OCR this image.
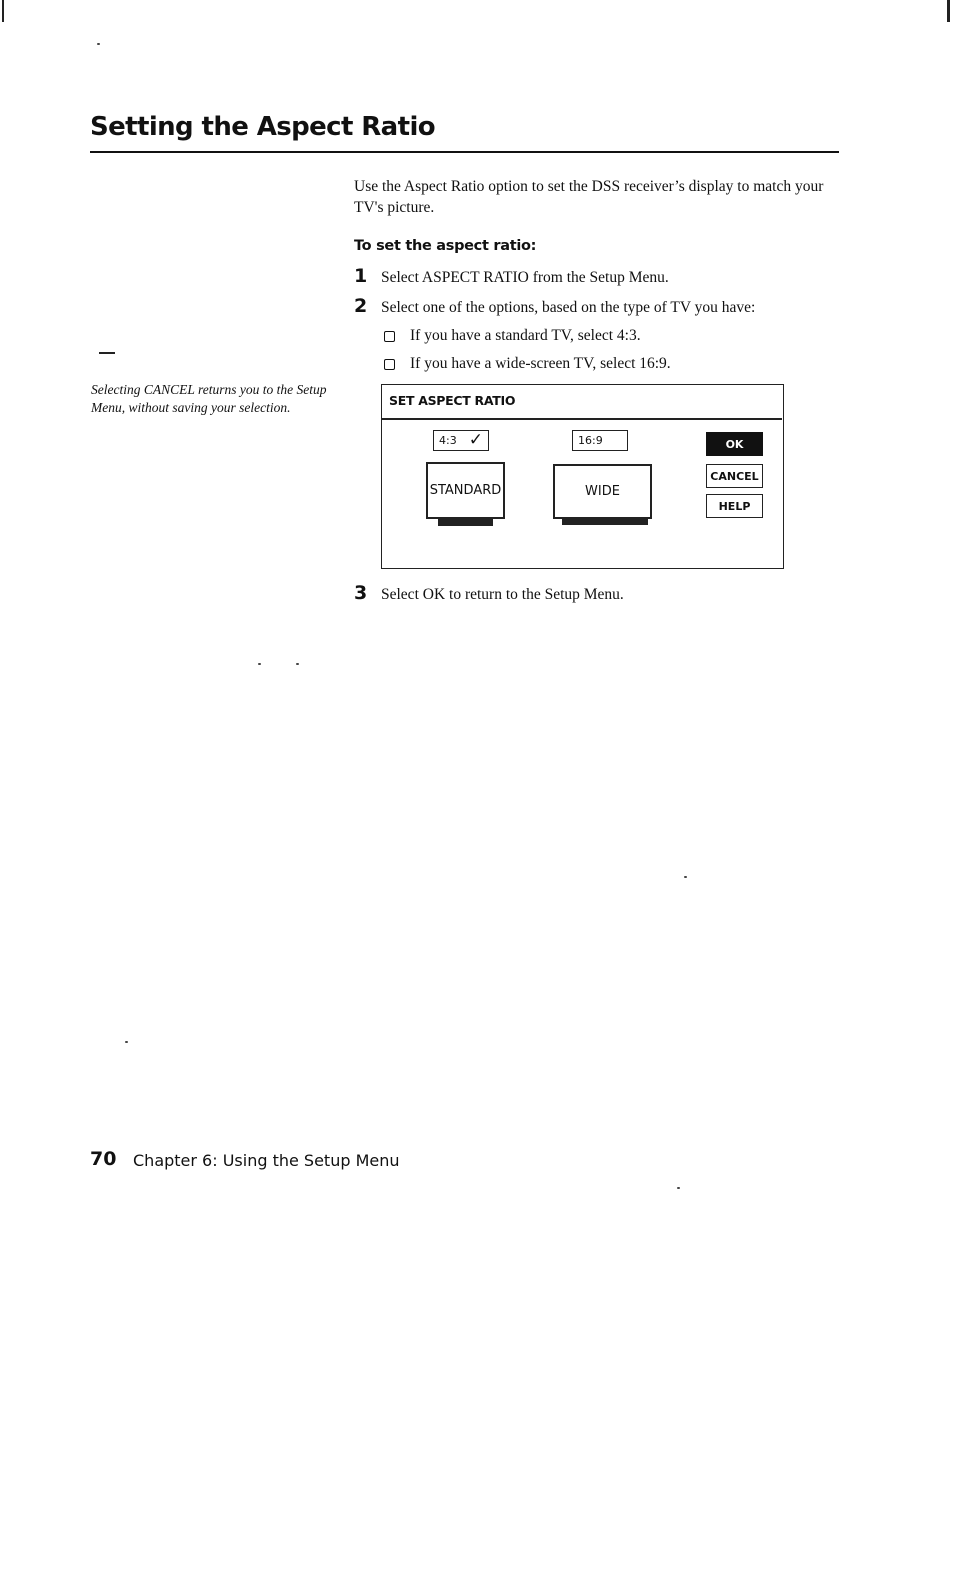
Setting the Aspect Ratio

Use the Aspect Ratio option to set the DSS receiver’s display to match your TV's picture.

To set the aspect ratio:
1 Select ASPECT RATIO from the Setup Menu.
2 Select one of the options, based on the type of TV you have:
If you have a standard TV, select 4:3.
If you have a wide-screen TV, select 16:9.

Selecting CANCEL returns you to the Setup Menu, without saving your selection.	SET ASPECT RATIO
4:3 ✓	16:9
STANDARD	WIDE
OK
CANCEL
HELP
3 Select OK to return to the Setup Menu.
70 Chapter 6: Using the Setup Menu
